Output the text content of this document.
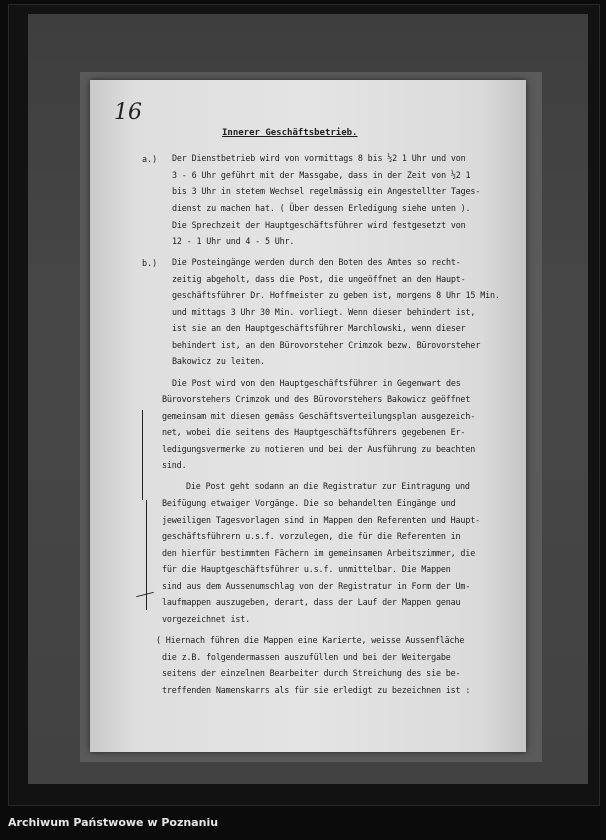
16
Innerer Geschäftsbetrieb.
a.)
b.)
Der Dienstbetrieb wird von vormittags 8 bis ½2 1 Uhr und von
3 - 6 Uhr geführt mit der Massgabe, dass in der Zeit von ½2 1
bis 3 Uhr in stetem Wechsel regelmässig ein Angestellter Tages-
dienst zu machen hat. ( Über dessen Erledigung siehe unten ).
Die Sprechzeit der Hauptgeschäftsführer wird festgesetzt von
12 - 1 Uhr und 4 - 5 Uhr.
Die Posteingänge werden durch den Boten des Amtes so recht-
zeitig abgeholt, dass die Post, die ungeöffnet an den Haupt-
geschäftsführer Dr. Hoffmeister zu geben ist, morgens 8 Uhr 15 Min.
und mittags 3 Uhr 30 Min. vorliegt. Wenn dieser behindert ist,
ist sie an den Hauptgeschäftsführer Marchlowski, wenn dieser
behindert ist, an den Bürovorsteher Crimzok bezw. Bürovorsteher
Bakowicz zu leiten.
Die Post wird von den Hauptgeschäftsführer in Gegenwart des
Bürovorstehers Crimzok und des Bürovorstehers Bakowicz geöffnet
gemeinsam mit diesen gemäss Geschäftsverteilungsplan ausgezeich-
net, wobei die seitens des Hauptgeschäftsführers gegebenen Er-
ledigungsvermerke zu notieren und bei der Ausführung zu beachten
sind.
Die Post geht sodann an die Registratur zur Eintragung und
Beifügung etwaiger Vorgänge. Die so behandelten Eingänge und
jeweiligen Tagesvorlagen sind in Mappen den Referenten und Haupt-
geschäftsführern u.s.f. vorzulegen, die für die Referenten in
den hierfür bestimmten Fächern im gemeinsamen Arbeitszimmer, die
für die Hauptgeschäftsführer u.s.f. unmittelbar. Die Mappen
sind aus dem Aussenumschlag von der Registratur in Form der Um-
laufmappen auszugeben, derart, dass der Lauf der Mappen genau
vorgezeichnet ist.
( Hiernach führen die Mappen eine Karierte, weisse Aussenfläche
die z.B. folgendermassen auszufüllen und bei der Weitergabe
seitens der einzelnen Bearbeiter durch Streichung des sie be-
treffenden Namenskarrs als für sie erledigt zu bezeichnen ist :
Archiwum Państwowe w Poznaniu
